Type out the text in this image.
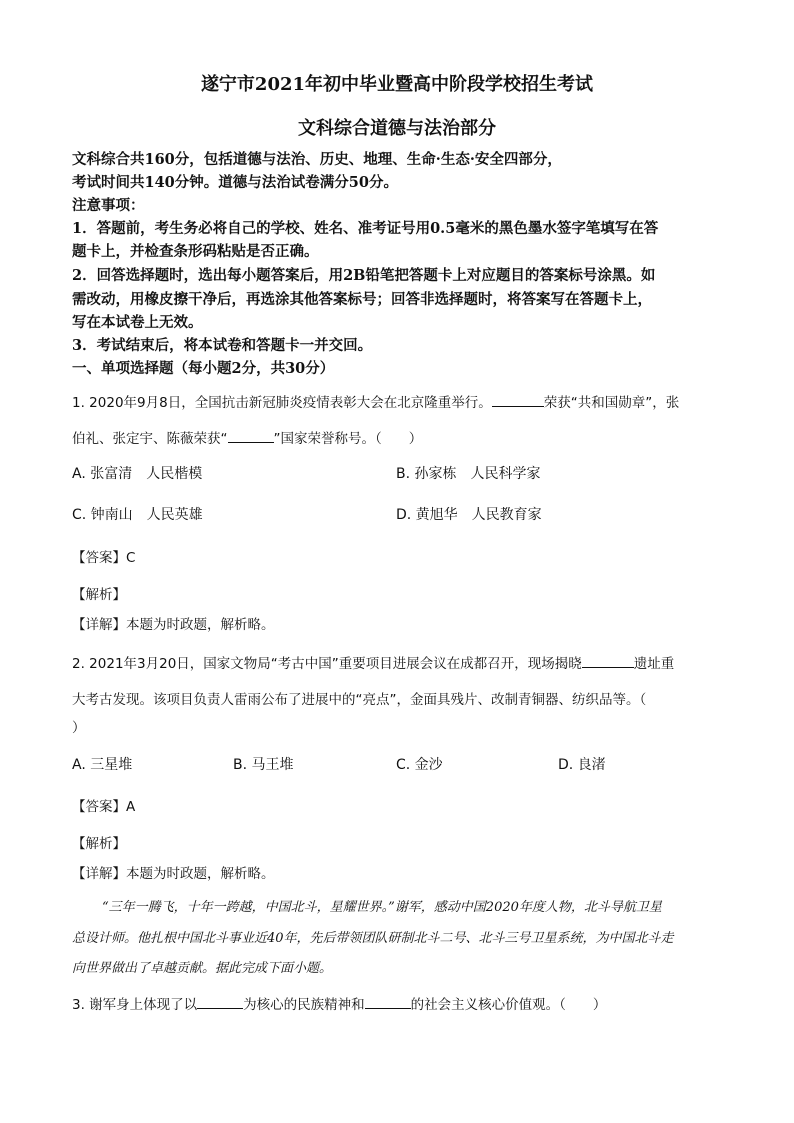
遂宁市2021年初中毕业暨高中阶段学校招生考试
文科综合道德与法治部分
文科综合共160分，包括道德与法治、历史、地理、生命·生态·安全四部分，
考试时间共140分钟。道德与法治试卷满分50分。
注意事项：
1．答题前，考生务必将自己的学校、姓名、准考证号用0.5毫米的黑色墨水签字笔填写在答
题卡上，并检查条形码粘贴是否正确。
2．回答选择题时，选出每小题答案后，用2B铅笔把答题卡上对应题目的答案标号涂黑。如
需改动，用橡皮擦干净后，再选涂其他答案标号；回答非选择题时，将答案写在答题卡上，
写在本试卷上无效。
3．考试结束后，将本试卷和答题卡一并交回。
一、单项选择题（每小题2分，共30分）
1. 2020年9月8日，全国抗击新冠肺炎疫情表彰大会在北京隆重举行。	荣获“共和国勋章”，张
伯礼、张定宇、陈薇荣获“	”国家荣誉称号。（　　）
A. 张富清　人民楷模	B. 孙家栋　人民科学家
C. 钟南山　人民英雄	D. 黄旭华　人民教育家
【答案】C
【解析】
【详解】本题为时政题，解析略。
2. 2021年3月20日，国家文物局“考古中国”重要项目进展会议在成都召开，现场揭晓	遗址重
大考古发现。该项目负责人雷雨公布了进展中的“亮点”，金面具残片、改制青铜器、纺织品等。（
）
A. 三星堆	B. 马王堆	C. 金沙	D. 良渚
【答案】A
【解析】
【详解】本题为时政题，解析略。
“三年一腾飞，十年一跨越，中国北斗，星耀世界。”谢军，感动中国2020年度人物，北斗导航卫星
总设计师。他扎根中国北斗事业近40年，先后带领团队研制北斗二号、北斗三号卫星系统，为中国北斗走
向世界做出了卓越贡献。据此完成下面小题。
3. 谢军身上体现了以	为核心的民族精神和	的社会主义核心价值观。（　　）
